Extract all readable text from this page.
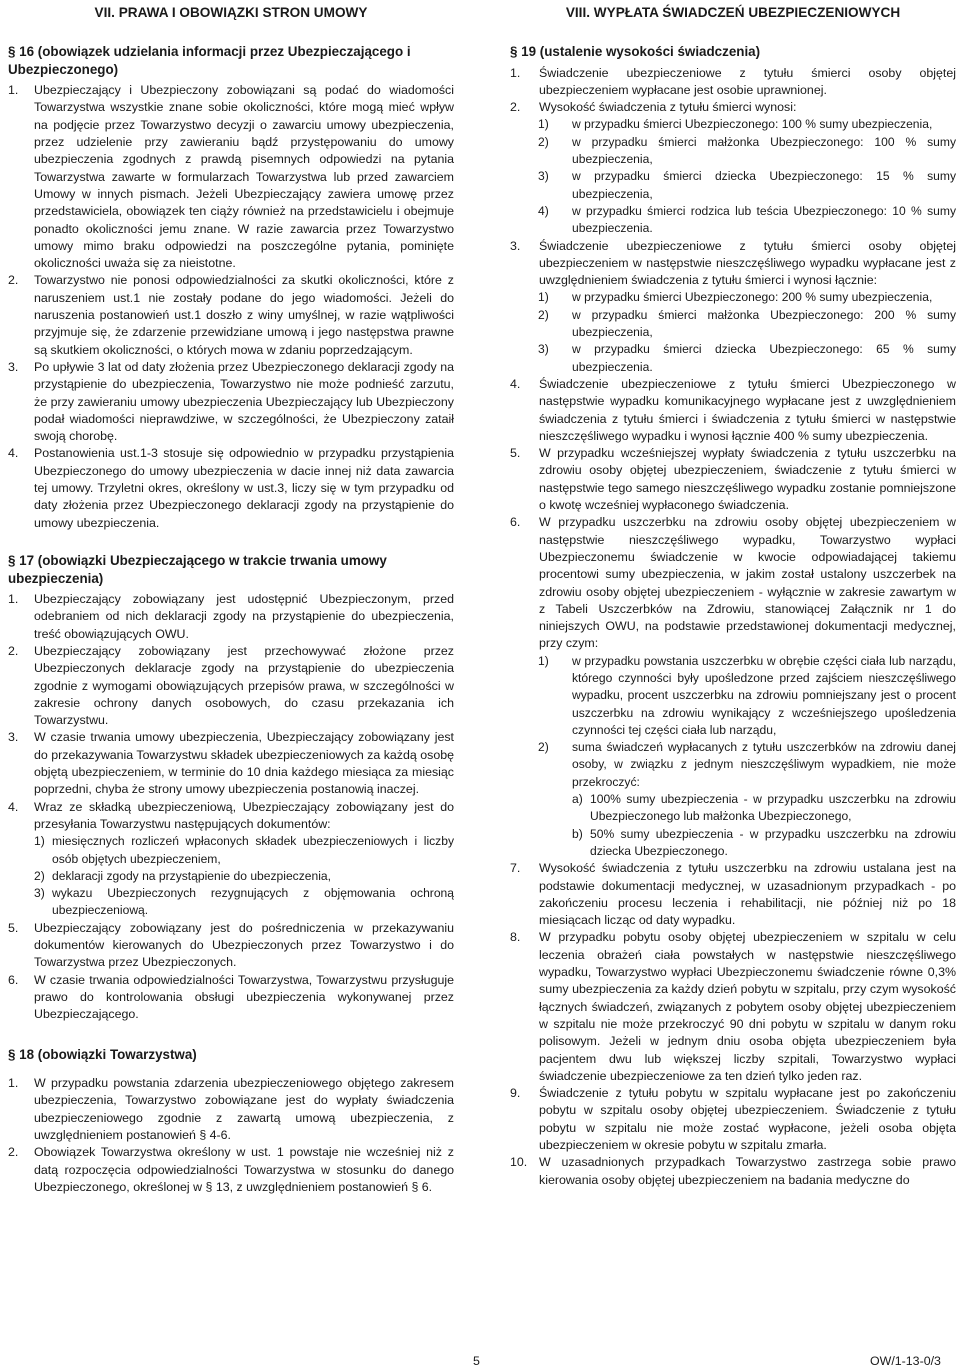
VII. PRAWA I OBOWIĄZKI STRON UMOWY
§ 16 (obowiązek udzielania informacji przez Ubezpieczającego i Ubezpieczonego)
1. Ubezpieczający i Ubezpieczony zobowiązani są podać do wiadomości Towarzystwa wszystkie znane sobie okoliczności, które mogą mieć wpływ na podjęcie przez Towarzystwo decyzji o zawarciu umowy ubezpieczenia, przez udzielenie przy zawieraniu bądź przystępowaniu do umowy ubezpieczenia zgodnych z prawdą pisemnych odpowiedzi na pytania Towarzystwa zawarte w formularzach Towarzystwa lub przed zawarciem Umowy w innych pismach. Jeżeli Ubezpieczający zawiera umowę przez przedstawiciela, obowiązek ten ciąży również na przedstawicielu i obejmuje ponadto okoliczności jemu znane. W razie zawarcia przez Towarzystwo umowy mimo braku odpowiedzi na poszczególne pytania, pominięte okoliczności uważa się za nieistotne.
2. Towarzystwo nie ponosi odpowiedzialności za skutki okoliczności, które z naruszeniem ust.1 nie zostały podane do jego wiadomości. Jeżeli do naruszenia postanowień ust.1 doszło z winy umyślnej, w razie wątpliwości przyjmuje się, że zdarzenie przewidziane umową i jego następstwa prawne są skutkiem okoliczności, o których mowa w zdaniu poprzedzającym.
3. Po upływie 3 lat od daty złożenia przez Ubezpieczonego deklaracji zgody na przystąpienie do ubezpieczenia, Towarzystwo nie może podnieść zarzutu, że przy zawieraniu umowy ubezpieczenia Ubezpieczający lub Ubezpieczony podał wiadomości nieprawdziwe, w szczególności, że Ubezpieczony zataił swoją chorobę.
4. Postanowienia ust.1-3 stosuje się odpowiednio w przypadku przystąpienia Ubezpieczonego do umowy ubezpieczenia w dacie innej niż data zawarcia tej umowy. Trzyletni okres, określony w ust.3, liczy się w tym przypadku od daty złożenia przez Ubezpieczonego deklaracji zgody na przystąpienie do umowy ubezpieczenia.
§ 17 (obowiązki Ubezpieczającego w trakcie trwania umowy ubezpieczenia)
1. Ubezpieczający zobowiązany jest udostępnić Ubezpieczonym, przed odebraniem od nich deklaracji zgody na przystąpienie do ubezpieczenia, treść obowiązujących OWU.
2. Ubezpieczający zobowiązany jest przechowywać złożone przez Ubezpieczonych deklaracje zgody na przystąpienie do ubezpieczenia zgodnie z wymogami obowiązujących przepisów prawa, w szczególności w zakresie ochrony danych osobowych, do czasu przekazania ich Towarzystwu.
3. W czasie trwania umowy ubezpieczenia, Ubezpieczający zobowiązany jest do przekazywania Towarzystwu składek ubezpieczeniowych za każdą osobę objętą ubezpieczeniem, w terminie do 10 dnia każdego miesiąca za miesiąc poprzedni, chyba że strony umowy ubezpieczenia postanowią inaczej.
4. Wraz ze składką ubezpieczeniową, Ubezpieczający zobowiązany jest do przesyłania Towarzystwu następujących dokumentów:
1) miesięcznych rozliczeń wpłaconych składek ubezpieczeniowych i liczby osób objętych ubezpieczeniem,
2) deklaracji zgody na przystąpienie do ubezpieczenia,
3) wykazu Ubezpieczonych rezygnujących z objęmowania ochroną ubezpieczeniową.
5. Ubezpieczający zobowiązany jest do pośredniczenia w przekazywaniu dokumentów kierowanych do Ubezpieczonych przez Towarzystwo i do Towarzystwa przez Ubezpieczonych.
6. W czasie trwania odpowiedzialności Towarzystwa, Towarzystwu przysługuje prawo do kontrolowania obsługi ubezpieczenia wykonywanej przez Ubezpieczającego.
§ 18 (obowiązki Towarzystwa)
1. W przypadku powstania zdarzenia ubezpieczeniowego objętego zakresem ubezpieczenia, Towarzystwo zobowiązane jest do wypłaty świadczenia ubezpieczeniowego zgodnie z zawartą umową ubezpieczenia, z uwzględnieniem postanowień § 4-6.
2. Obowiązek Towarzystwa określony w ust. 1 powstaje nie wcześniej niż z datą rozpoczęcia odpowiedzialności Towarzystwa w stosunku do danego Ubezpieczonego, określonej w § 13, z uwzględnieniem postanowień § 6.
VIII. WYPŁATA ŚWIADCZEŃ UBEZPIECZENIOWYCH
§ 19 (ustalenie wysokości świadczenia)
1. Świadczenie ubezpieczeniowe z tytułu śmierci osoby objętej ubezpieczeniem wypłacane jest osobie uprawnionej.
2. Wysokość świadczenia z tytułu śmierci wynosi:
1) w przypadku śmierci Ubezpieczonego: 100 % sumy ubezpieczenia,
2) w przypadku śmierci małżonka Ubezpieczonego: 100 % sumy ubezpieczenia,
3) w przypadku śmierci dziecka Ubezpieczonego: 15 % sumy ubezpieczenia,
4) w przypadku śmierci rodzica lub teścia Ubezpieczonego: 10 % sumy ubezpieczenia.
3. Świadczenie ubezpieczeniowe z tytułu śmierci osoby objętej ubezpieczeniem w następstwie nieszczęśliwego wypadku wypłacane jest z uwzględnieniem świadczenia z tytułu śmierci i wynosi łącznie:
1) w przypadku śmierci Ubezpieczonego: 200 % sumy ubezpieczenia,
2) w przypadku śmierci małżonka Ubezpieczonego: 200 % sumy ubezpieczenia,
3) w przypadku śmierci dziecka Ubezpieczonego: 65 % sumy ubezpieczenia.
4. Świadczenie ubezpieczeniowe z tytułu śmierci Ubezpieczonego w następstwie wypadku komunikacyjnego wypłacane jest z uwzględnieniem świadczenia z tytułu śmierci i świadczenia z tytułu śmierci w następstwie nieszczęśliwego wypadku i wynosi łącznie 400 % sumy ubezpieczenia.
5. W przypadku wcześniejszej wypłaty świadczenia z tytułu uszczerbku na zdrowiu osoby objętej ubezpieczeniem, świadczenie z tytułu śmierci w następstwie tego samego nieszczęśliwego wypadku zostanie pomniejszone o kwotę wcześniej wypłaconego świadczenia.
6. W przypadku uszczerbku na zdrowiu osoby objętej ubezpieczeniem w następstwie nieszczęśliwego wypadku, Towarzystwo wypłaci Ubezpieczonemu świadczenie w kwocie odpowiadającej takiemu procentowi sumy ubezpieczenia, w jakim został ustalony uszczerbek na zdrowiu osoby objętej ubezpieczeniem - wyłącznie w zakresie zawartym w z Tabeli Uszczerbków na Zdrowiu, stanowiącej Załącznik nr 1 do niniejszych OWU, na podstawie przedstawionej dokumentacji medycznej, przy czym:
1) w przypadku powstania uszczerbku w obrębie części ciała lub narządu, którego czynności były upośledzone przed zajściem nieszczęśliwego wypadku, procent uszczerbku na zdrowiu pomniejszany jest o procent uszczerbku na zdrowiu wynikający z wcześniejszego upośledzenia czynności tej części ciała lub narządu,
2) suma świadczeń wypłacanych z tytułu uszczerbków na zdrowiu danej osoby, w związku z jednym nieszczęśliwym wypadkiem, nie może przekroczyć:
a) 100% sumy ubezpieczenia - w przypadku uszczerbku na zdrowiu Ubezpieczonego lub małżonka Ubezpieczonego,
b) 50% sumy ubezpieczenia - w przypadku uszczerbku na zdrowiu dziecka Ubezpieczonego.
7. Wysokość świadczenia z tytułu uszczerbku na zdrowiu ustalana jest na podstawie dokumentacji medycznej, w uzasadnionym przypadkach - po zakończeniu procesu leczenia i rehabilitacji, nie później niż po 18 miesiącach licząc od daty wypadku.
8. W przypadku pobytu osoby objętej ubezpieczeniem w szpitalu w celu leczenia obrażeń ciała powstałych w następstwie nieszczęśliwego wypadku, Towarzystwo wypłaci Ubezpieczonemu świadczenie równe 0,3% sumy ubezpieczenia za każdy dzień pobytu w szpitalu, przy czym wysokość łącznych świadczeń, związanych z pobytem osoby objętej ubezpieczeniem w szpitalu nie może przekroczyć 90 dni pobytu w szpitalu w danym roku polisowym. Jeżeli w jednym dniu osoba objęta ubezpieczeniem była pacjentem dwu lub większej liczby szpitali, Towarzystwo wypłaci świadczenie ubezpieczeniowe za ten dzień tylko jeden raz.
9. Świadczenie z tytułu pobytu w szpitalu wypłacane jest po zakończeniu pobytu w szpitalu osoby objętej ubezpieczeniem. Świadczenie z tytułu pobytu w szpitalu nie może zostać wypłacone, jeżeli osoba objęta ubezpieczeniem w okresie pobytu w szpitalu zmarła.
10. W uzasadnionych przypadkach Towarzystwo zastrzega sobie prawo kierowania osoby objętej ubezpieczeniem na badania medyczne do
5	OW/1-13-0/3
